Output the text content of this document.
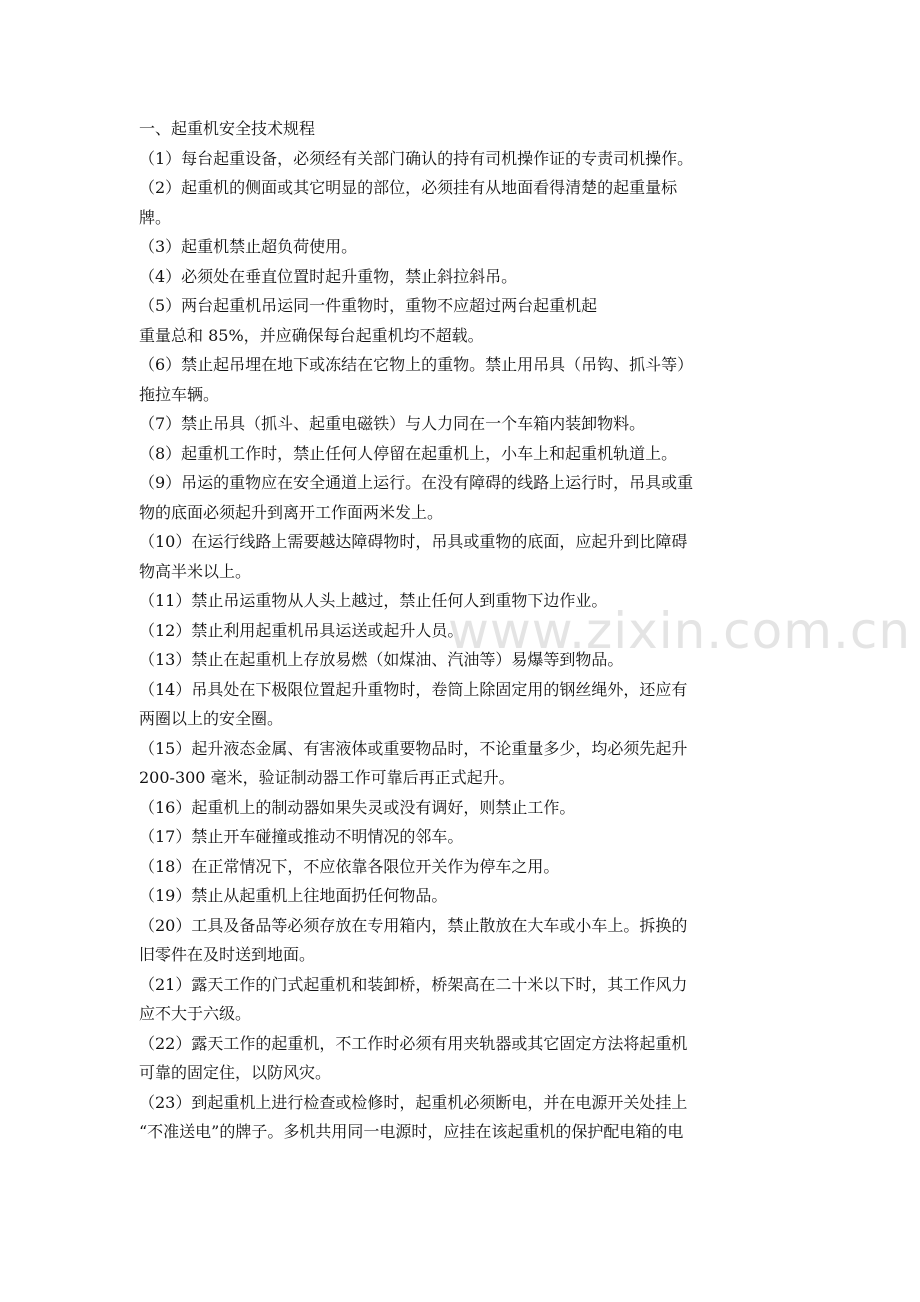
www.zixin.com.cn
一、起重机安全技术规程
（1）每台起重设备，必须经有关部门确认的持有司机操作证的专责司机操作。
（2）起重机的侧面或其它明显的部位，必须挂有从地面看得清楚的起重量标
牌。
（3）起重机禁止超负荷使用。
（4）必须处在垂直位置时起升重物，禁止斜拉斜吊。
（5）两台起重机吊运同一件重物时，重物不应超过两台起重机起
重量总和 85%，并应确保每台起重机均不超载。
（6）禁止起吊埋在地下或冻结在它物上的重物。禁止用吊具（吊钩、抓斗等）
拖拉车辆。
（7）禁止吊具（抓斗、起重电磁铁）与人力同在一个车箱内装卸物料。
（8）起重机工作时，禁止任何人停留在起重机上，小车上和起重机轨道上。
（9）吊运的重物应在安全通道上运行。在没有障碍的线路上运行时，吊具或重
物的底面必须起升到离开工作面两米发上。
（10）在运行线路上需要越达障碍物时，吊具或重物的底面，应起升到比障碍
物高半米以上。
（11）禁止吊运重物从人头上越过，禁止任何人到重物下边作业。
（12）禁止利用起重机吊具运送或起升人员。
（13）禁止在起重机上存放易燃（如煤油、汽油等）易爆等到物品。
（14）吊具处在下极限位置起升重物时，卷筒上除固定用的钢丝绳外，还应有
两圈以上的安全圈。
（15）起升液态金属、有害液体或重要物品时，不论重量多少，均必须先起升
200-300 毫米，验证制动器工作可靠后再正式起升。
（16）起重机上的制动器如果失灵或没有调好，则禁止工作。
（17）禁止开车碰撞或推动不明情况的邻车。
（18）在正常情况下，不应依靠各限位开关作为停车之用。
（19）禁止从起重机上往地面扔任何物品。
（20）工具及备品等必须存放在专用箱内，禁止散放在大车或小车上。拆换的
旧零件在及时送到地面。
（21）露天工作的门式起重机和装卸桥，桥架高在二十米以下时，其工作风力
应不大于六级。
（22）露天工作的起重机，不工作时必须有用夹轨器或其它固定方法将起重机
可靠的固定住，以防风灾。
（23）到起重机上进行检查或检修时，起重机必须断电，并在电源开关处挂上
“不准送电”的牌子。多机共用同一电源时，应挂在该起重机的保护配电箱的电
